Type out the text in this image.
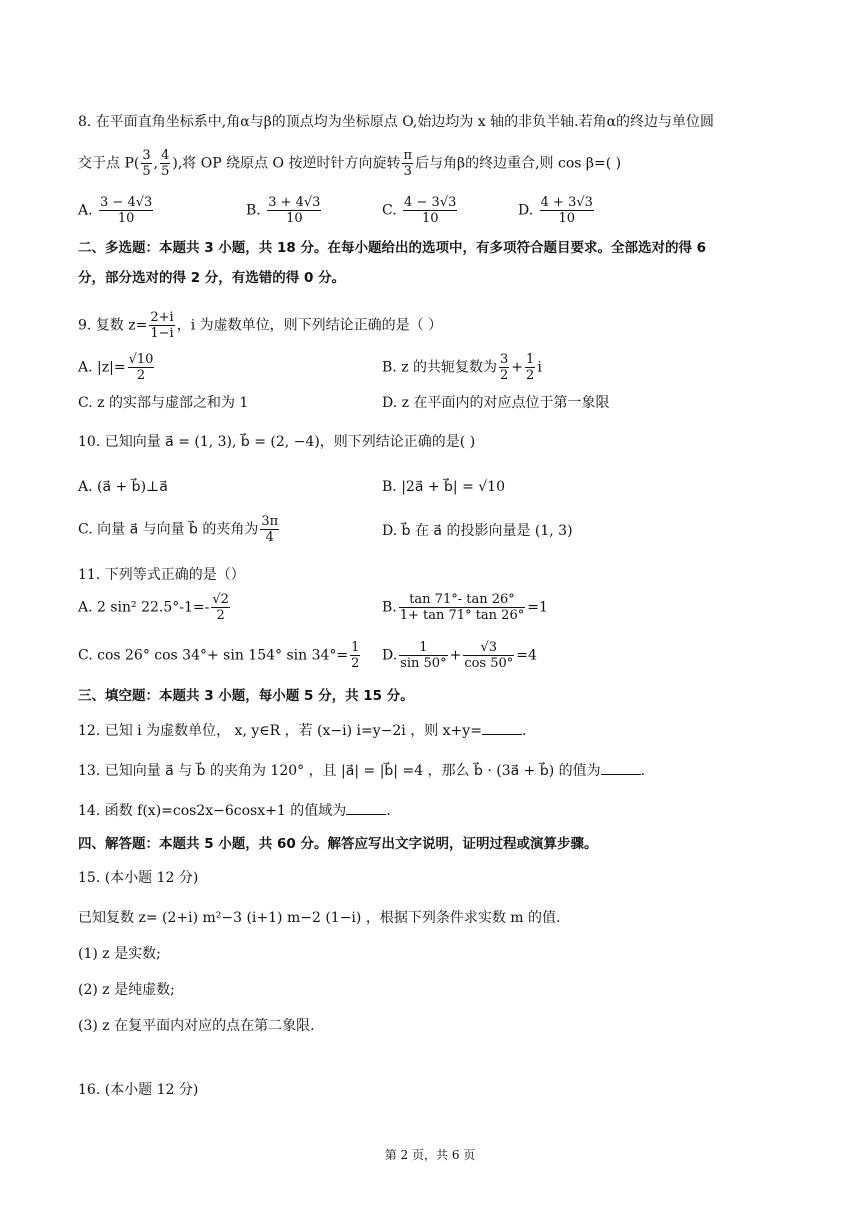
8. 在平面直角坐标系中,角α与β的顶点均为坐标原点 O,始边均为 x 轴的非负半轴.若角α的终边与单位圆
交于点 $P( \frac{3}{5}$ , $\frac{4}{5}$ ),将 OP 绕原点 O 按逆时针方向旋转 $\frac{\pi}{3}$ 后与角β的终边重合,则 cos β=( )
A. $\frac{3 - 4√3}{10}$	B. $\frac{3 + 4√3}{10}$	C. $\frac{4 - 3√3}{10}$	D. $\frac{4 + 3√3}{10}$
二、多选题：本题共 3 小题，共 18 分。在每小题给出的选项中，有多项符合题目要求。全部选对的得 6
分，部分选对的得 2 分，有选错的得 0 分。
9. 复数 $z= \frac{2+i}{1-i}$ ，i 为虚数单位，则下列结论正确的是（ ）
A. $|z|= \frac{√10}{2}$	B. z 的共轭复数为 $\frac{3}{2} + \frac{1}{2}$ i
C. z 的实部与虚部之和为 1	D. z 在平面内的对应点位于第一象限
10. 已知向量 a⃗ = (1, 3), b⃗ = (2, −4)，则下列结论正确的是( )
A. (a⃗ + b⃗)⊥a⃗	B. |2a⃗ + b⃗| = √10
C. 向量 a⃗ 与向量 b⃗ 的夹角为 $\frac{3\pi}{4}$	D. b⃗ 在 a⃗ 的投影向量是 (1, 3)
11. 下列等式正确的是（）
A. 2 sin² $22.5^\circ-1=- \frac{√2}{2}$	B. $\frac{\tan 71^\circ- \tan 26^\circ}{1+ \tan 71^\circ \tan 26^\circ} =1$
C. cos 26° cos 34°+ sin 154° $\sin 34^\circ= \frac{1}{2} D$. $\frac{1}{\sin 50^\circ} + \frac{√3}{\cos 50^\circ} =4$
三、填空题：本题共 3 小题，每小题 5 分，共 15 分。
12. 已知 i 为虚数单位， x, y∈R ，若 (x−i) i=y−2i ，则 x+y=	.
13. 已知向量 a⃗ 与 b⃗ 的夹角为 120° ，且 |a⃗| = |b⃗| =4 ，那么 b⃗ · (3a⃗ + b⃗) 的值为	.
14. 函数 f(x)=cos2x−6cosx+1 的值域为	.
四、解答题：本题共 5 小题，共 60 分。解答应写出文字说明，证明过程或演算步骤。
15. (本小题 12 分)
已知复数 z= (2+i) m²−3 (i+1) m−2 (1−i) ，根据下列条件求实数 m 的值.
(1) z 是实数;
(2) z 是纯虚数;
(3) z 在复平面内对应的点在第二象限.
16. (本小题 12 分)
第 2 页，共 6 页
